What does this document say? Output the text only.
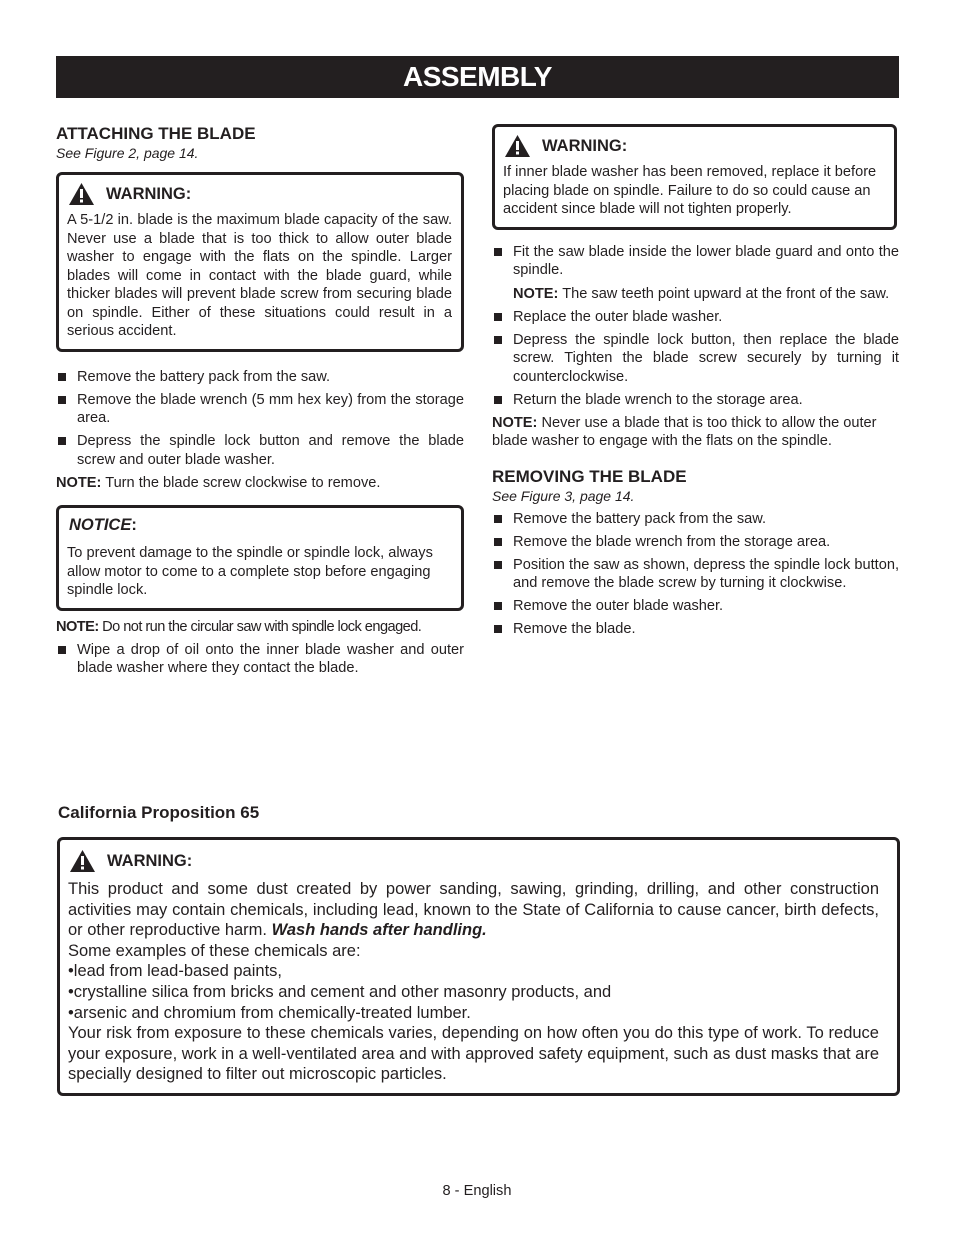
ASSEMBLY
ATTACHING THE BLADE
See Figure 2, page 14.
WARNING:
A 5-1/2 in. blade is the maximum blade capacity of the saw. Never use a blade that is too thick to allow outer blade washer to engage with the flats on the spindle. Larger blades will come in contact with the blade guard, while thicker blades will prevent blade screw from securing blade on spindle. Either of these situations could result in a serious accident.
Remove the battery pack from the saw.
Remove the blade wrench (5 mm hex key) from the storage area.
Depress the spindle lock button and remove the blade screw and outer blade washer.
NOTE: Turn the blade screw clockwise to remove.
NOTICE :
To prevent damage to the spindle or spindle lock, always allow motor to come to a complete stop before engaging spindle lock.
NOTE: Do not run the circular saw with spindle lock engaged.
Wipe a drop of oil onto the inner blade washer and outer blade washer where they contact the blade.
WARNING:
If inner blade washer has been removed, replace it before placing blade on spindle. Failure to do so could cause an accident since blade will not tighten properly.
Fit the saw blade inside the lower blade guard and onto the spindle.
NOTE: The saw teeth point upward at the front of the saw.
Replace the outer blade washer.
Depress the spindle lock button, then replace the blade screw. Tighten the blade screw securely by turning it counterclockwise.
Return the blade wrench to the storage area.
NOTE: Never use a blade that is too thick to allow the outer blade washer to engage with the flats on the spindle.
REMOVING THE BLADE
See Figure 3, page 14.
Remove the battery pack from the saw.
Remove the blade wrench from the storage area.
Position the saw as shown, depress the spindle lock button, and remove the blade screw by turning it clockwise.
Remove the outer blade washer.
Remove the blade.
California Proposition 65
WARNING:
This product and some dust created by power sanding, sawing, grinding, drilling, and other construction activities may contain chemicals, including lead, known to the State of California to cause cancer, birth defects, or other reproductive harm. Wash hands after handling.
Some examples of these chemicals are:
•lead from lead-based paints,
•crystalline silica from bricks and cement and other masonry products, and
•arsenic and chromium from chemically-treated lumber.
Your risk from exposure to these chemicals varies, depending on how often you do this type of work. To reduce your exposure, work in a well-ventilated area and with approved safety equipment, such as dust masks that are specially designed to filter out microscopic particles.
8 - English
